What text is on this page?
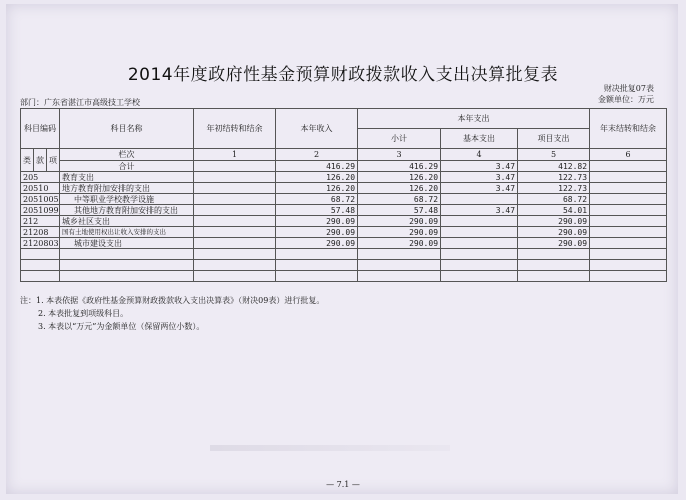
2014年度政府性基金预算财政拨款收入支出决算批复表
财决批复07表
部门：广东省湛江市高级技工学校	金额单位：万元
科目编码			科目名称	年初结转和结余	本年收入	本年支出			年末结转和结余
						小计	基本支出	项目支出	
类	款	项	栏次	1	2	3	4	5	6
			合计		416.29	416.29	3.47	412.82	
205			教育支出		126.20	126.20	3.47	122.73	
20510			地方教育附加安排的支出		126.20	126.20	3.47	122.73	
2051005			中等职业学校教学设施		68.72	68.72		68.72	
2051099			其他地方教育附加安排的支出		57.48	57.48	3.47	54.01	
212			城乡社区支出		290.09	290.09		290.09	
21208			国有土地使用权出让收入安排的支出		290.09	290.09		290.09	
2120803			城市建设支出		290.09	290.09		290.09	

注：1. 本表依据《政府性基金预算财政拨款收入支出决算表》（财决09表）进行批复。
2. 本表批复到项级科目。
3. 本表以“万元”为金额单位（保留两位小数）。
— 7.1 —
